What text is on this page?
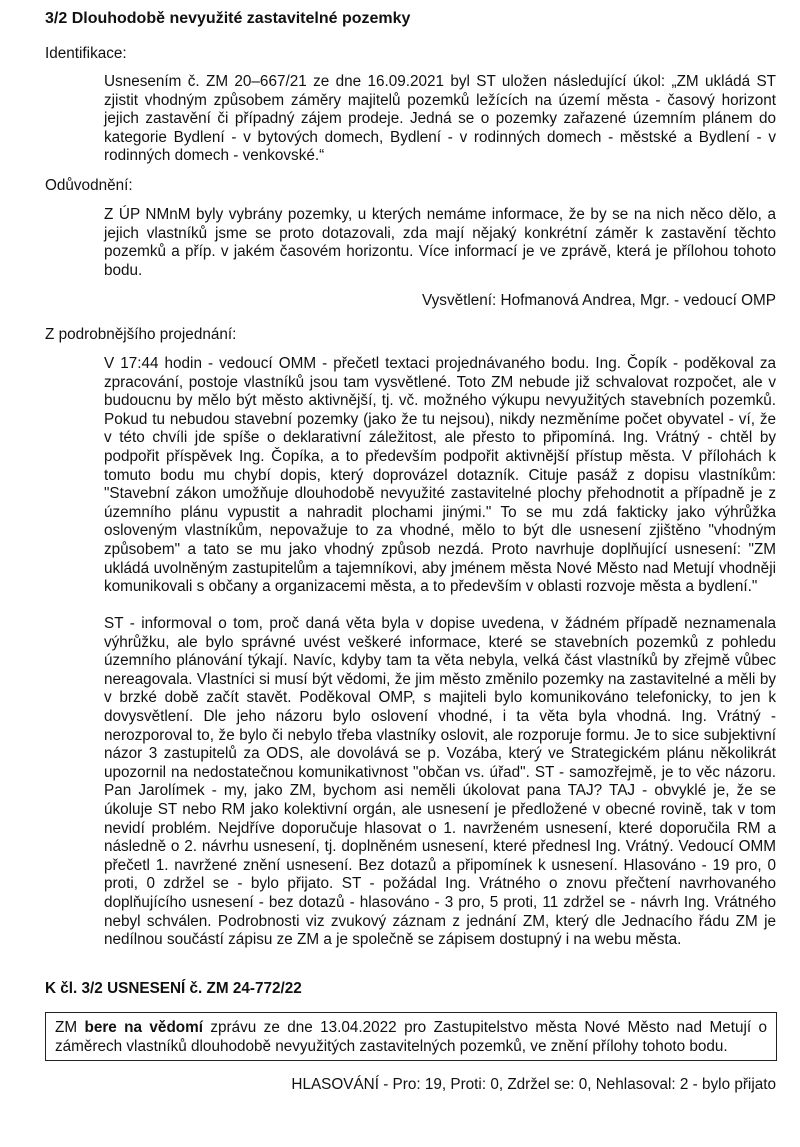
3/2 Dlouhodobě nevyužité zastavitelné pozemky

Identifikace:

Usnesením č. ZM 20–667/21 ze dne 16.09.2021 byl ST uložen následující úkol: „ZM ukládá ST zjistit vhodným způsobem záměry majitelů pozemků ležících na území města - časový horizont jejich zastavění či případný zájem prodeje. Jedná se o pozemky zařazené územním plánem do kategorie Bydlení - v bytových domech, Bydlení - v rodinných domech - městské a Bydlení - v rodinných domech - venkovské.“

Odůvodnění:

Z ÚP NMnM byly vybrány pozemky, u kterých nemáme informace, že by se na nich něco dělo, a jejich vlastníků jsme se proto dotazovali, zda mají nějaký konkrétní záměr k zastavění těchto pozemků a příp. v jakém časovém horizontu. Více informací je ve zprávě, která je přílohou tohoto bodu.

Vysvětlení: Hofmanová Andrea, Mgr. - vedoucí OMP

Z podrobnějšího projednání:

V 17:44 hodin - vedoucí OMM - přečetl textaci projednávaného bodu. Ing. Čopík - poděkoval za zpracování, postoje vlastníků jsou tam vysvětlené. Toto ZM nebude již schvalovat rozpočet, ale v budoucnu by mělo být město aktivnější, tj. vč. možného výkupu nevyužitých stavebních pozemků. Pokud tu nebudou stavební pozemky (jako že tu nejsou), nikdy nezměníme počet obyvatel - ví, že v této chvíli jde spíše o deklarativní záležitost, ale přesto to připomíná. Ing. Vrátný - chtěl by podpořit příspěvek Ing. Čopíka, a to především podpořit aktivnější přístup města. V přílohách k tomuto bodu mu chybí dopis, který doprovázel dotazník. Cituje pasáž z dopisu vlastníkům: "Stavební zákon umožňuje dlouhodobě nevyužité zastavitelné plochy přehodnotit a případně je z územního plánu vypustit a nahradit plochami jinými." To se mu zdá fakticky jako výhrůžka osloveným vlastníkům, nepovažuje to za vhodné, mělo to být dle usnesení zjištěno "vhodným způsobem" a tato se mu jako vhodný způsob nezdá. Proto navrhuje doplňující usnesení: "ZM ukládá uvolněným zastupitelům a tajemníkovi, aby jménem města Nové Město nad Metují vhodněji komunikovali s občany a organizacemi města, a to především v oblasti rozvoje města a bydlení."

ST - informoval o tom, proč daná věta byla v dopise uvedena, v žádném případě neznamenala výhrůžku, ale bylo správné uvést veškeré informace, které se stavebních pozemků z pohledu územního plánování týkají. Navíc, kdyby tam ta věta nebyla, velká část vlastníků by zřejmě vůbec nereagovala. Vlastníci si musí být vědomi, že jim město změnilo pozemky na zastavitelné a měli by v brzké době začít stavět. Poděkoval OMP, s majiteli bylo komunikováno telefonicky, to jen k dovysvětlení. Dle jeho názoru bylo oslovení vhodné, i ta věta byla vhodná. Ing. Vrátný - nerozporoval to, že bylo či nebylo třeba vlastníky oslovit, ale rozporuje formu. Je to sice subjektivní názor 3 zastupitelů za ODS, ale dovolává se p. Vozába, který ve Strategickém plánu několikrát upozornil na nedostatečnou komunikativnost "občan vs. úřad". ST - samozřejmě, je to věc názoru. Pan Jarolímek - my, jako ZM, bychom asi neměli úkolovat pana TAJ? TAJ - obvyklé je, že se úkoluje ST nebo RM jako kolektivní orgán, ale usnesení je předložené v obecné rovině, tak v tom nevidí problém. Nejdříve doporučuje hlasovat o 1. navrženém usnesení, které doporučila RM a následně o 2. návrhu usnesení, tj. doplněném usnesení, které přednesl Ing. Vrátný. Vedoucí OMM přečetl 1. navržené znění usnesení. Bez dotazů a připomínek k usnesení. Hlasováno - 19 pro, 0 proti, 0 zdržel se - bylo přijato. ST - požádal Ing. Vrátného o znovu přečtení navrhovaného doplňujícího usnesení - bez dotazů - hlasováno - 3 pro, 5 proti, 11 zdržel se - návrh Ing. Vrátného nebyl schválen. Podrobnosti viz zvukový záznam z jednání ZM, který dle Jednacího řádu ZM je nedílnou součástí zápisu ze ZM a je společně se zápisem dostupný i na webu města.

K čl. 3/2 USNESENÍ č. ZM 24-772/22

ZM bere na vědomí zprávu ze dne 13.04.2022 pro Zastupitelstvo města Nové Město nad Metují o záměrech vlastníků dlouhodobě nevyužitých zastavitelných pozemků, ve znění přílohy tohoto bodu.

HLASOVÁNÍ - Pro: 19, Proti: 0, Zdržel se: 0, Nehlasoval: 2 - bylo přijato
